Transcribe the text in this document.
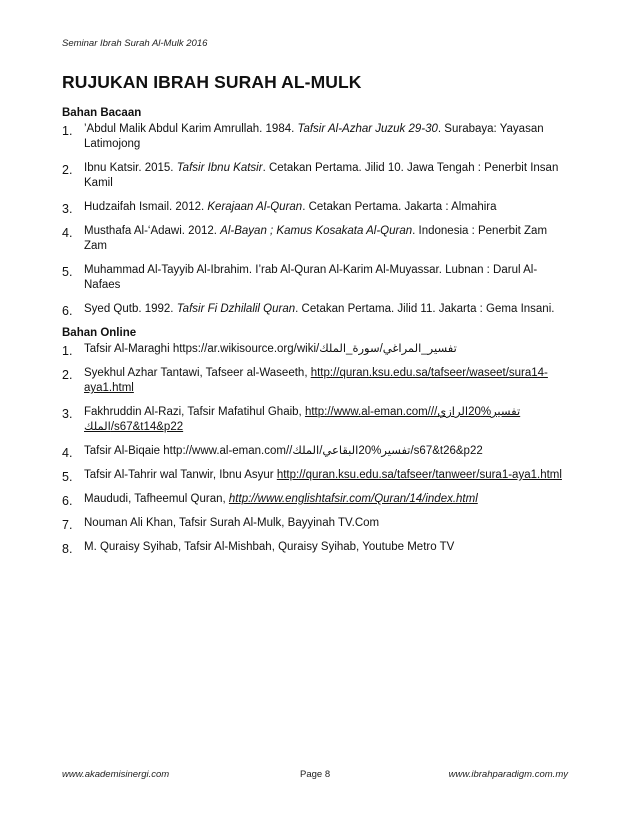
Seminar Ibrah Surah Al-Mulk 2016
RUJUKAN IBRAH SURAH AL-MULK
Bahan Bacaan
1. ’Abdul Malik Abdul Karim Amrullah. 1984. Tafsir Al-Azhar Juzuk 29-30. Surabaya: Yayasan Latimojong
2. Ibnu Katsir. 2015. Tafsir Ibnu Katsir. Cetakan Pertama. Jilid 10. Jawa Tengah : Penerbit Insan Kamil
3. Hudzaifah Ismail. 2012. Kerajaan Al-Quran. Cetakan Pertama. Jakarta : Almahira
4. Musthafa Al-‘Adawi. 2012. Al-Bayan ; Kamus Kosakata Al-Quran. Indonesia : Penerbit Zam Zam
5. Muhammad Al-Tayyib Al-Ibrahim. I’rab Al-Quran Al-Karim Al-Muyassar. Lubnan : Darul Al-Nafaes
6. Syed Qutb. 1992. Tafsir Fi Dzhilalil Quran. Cetakan Pertama. Jilid 11. Jakarta : Gema Insani.
Bahan Online
1. Tafsir Al-Maraghi https://ar.wikisource.org/wiki/تفسير_المراغي/سورة_الملك
2. Syekhul Azhar Tantawi, Tafseer al-Waseeth, http://quran.ksu.edu.sa/tafseer/waseet/sura14-aya1.html
3. Fakhruddin Al-Razi, Tafsir Mafatihul Ghaib, http://www.al-eman.com//تفسير%20الرازي/الملك/s67&t14&p22
4. Tafsir Al-Biqaie http://www.al-eman.com//تفسير%20البقاعي/الملك/s67&t26&p22
5. Tafsir Al-Tahrir wal Tanwir, Ibnu Asyur http://quran.ksu.edu.sa/tafseer/tanweer/sura1-aya1.html
6. Maududi, Tafheemul Quran, http://www.englishtafsir.com/Quran/14/index.html
7. Nouman Ali Khan, Tafsir Surah Al-Mulk, Bayyinah TV.Com
8. M. Quraisy Syihab, Tafsir Al-Mishbah, Quraisy Syihab, Youtube Metro TV
www.akademisinergi.com	Page 8	www.ibrahparadigm.com.my
